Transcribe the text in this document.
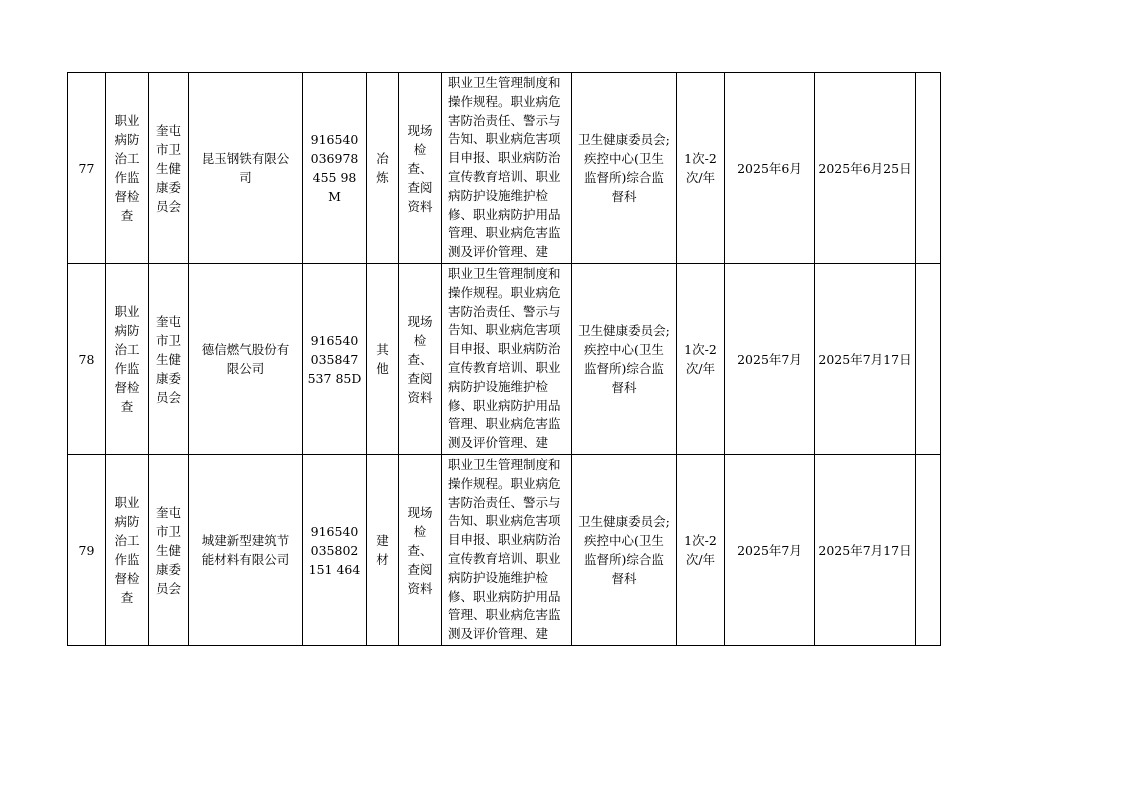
77	职业病防治工作监督检查	奎屯市卫生健康委员会	昆玉钢铁有限公司	916540036978455 98M	冶炼	现场检查、查阅资料	职业卫生管理制度和操作规程。职业病危害防治责任、警示与告知、职业病危害项目申报、职业病防治宣传教育培训、职业病防护设施维护检修、职业病防护用品管理、职业病危害监测及评价管理、建	卫生健康委员会;疾控中心(卫生监督所)综合监督科	1次-2次/年	2025年6月	2025年6月25日	
78	职业病防治工作监督检查	奎屯市卫生健康委员会	德信燃气股份有限公司	916540035847537 85D	其他	现场检查、查阅资料	职业卫生管理制度和操作规程。职业病危害防治责任、警示与告知、职业病危害项目申报、职业病防治宣传教育培训、职业病防护设施维护检修、职业病防护用品管理、职业病危害监测及评价管理、建	卫生健康委员会;疾控中心(卫生监督所)综合监督科	1次-2次/年	2025年7月	2025年7月17日	
79	职业病防治工作监督检查	奎屯市卫生健康委员会	城建新型建筑节能材料有限公司	916540035802151 464	建材	现场检查、查阅资料	职业卫生管理制度和操作规程。职业病危害防治责任、警示与告知、职业病危害项目申报、职业病防治宣传教育培训、职业病防护设施维护检修、职业病防护用品管理、职业病危害监测及评价管理、建	卫生健康委员会;疾控中心(卫生监督所)综合监督科	1次-2次/年	2025年7月	2025年7月17日	
